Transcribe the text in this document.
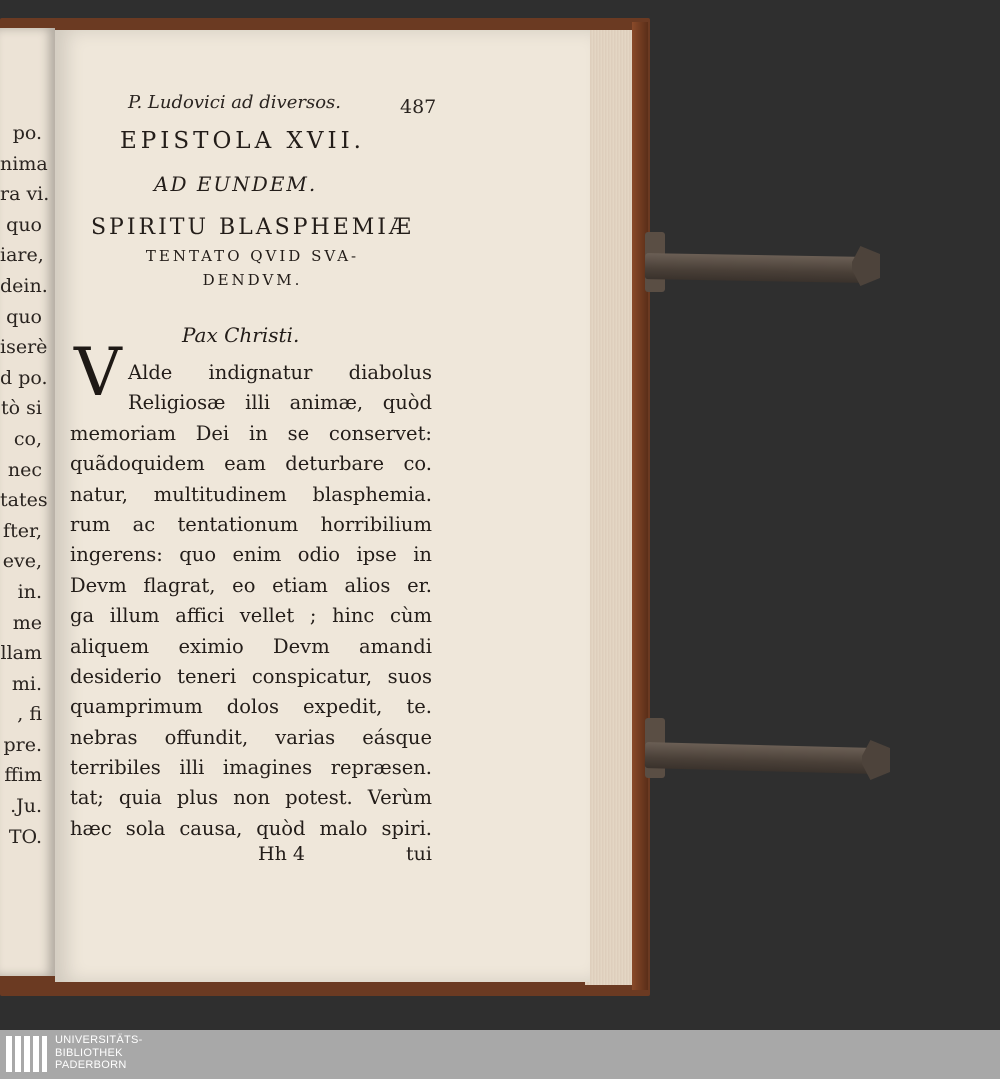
po.
nima
ra vi.
quo
iare,
dein.
quo
iserè
d po.
tò si
co,
nec
tates
fter,
eve,
in.
me
llam
mi.
, fi
pre.
ffim
.Ju.
TO.
P. Ludovici ad diversos.	487
EPISTOLA XVII.
AD EUNDEM.
SPIRITU BLASPHEMIÆ
TENTATO QVID SVA-
DENDVM.
Pax Christi.
V Alde indignatur diabolus
Religiosæ illi animæ, quòd
memoriam Dei in se conservet:
quãdoquidem eam deturbare co.
natur, multitudinem blasphemia.
rum ac tentationum horribilium
ingerens: quo enim odio ipse in
Devm flagrat, eo etiam alios er.
ga illum affici vellet ; hinc cùm
aliquem eximio Devm amandi
desiderio teneri conspicatur, suos
quamprimum dolos expedit, te.
nebras offundit, varias eásque
terribiles illi imagines repræsen.
tat; quia plus non potest. Verùm
hæc sola causa, quòd malo spiri.
Hh 4	tui
UNIVERSITÄTS-
BIBLIOTHEK
PADERBORN
